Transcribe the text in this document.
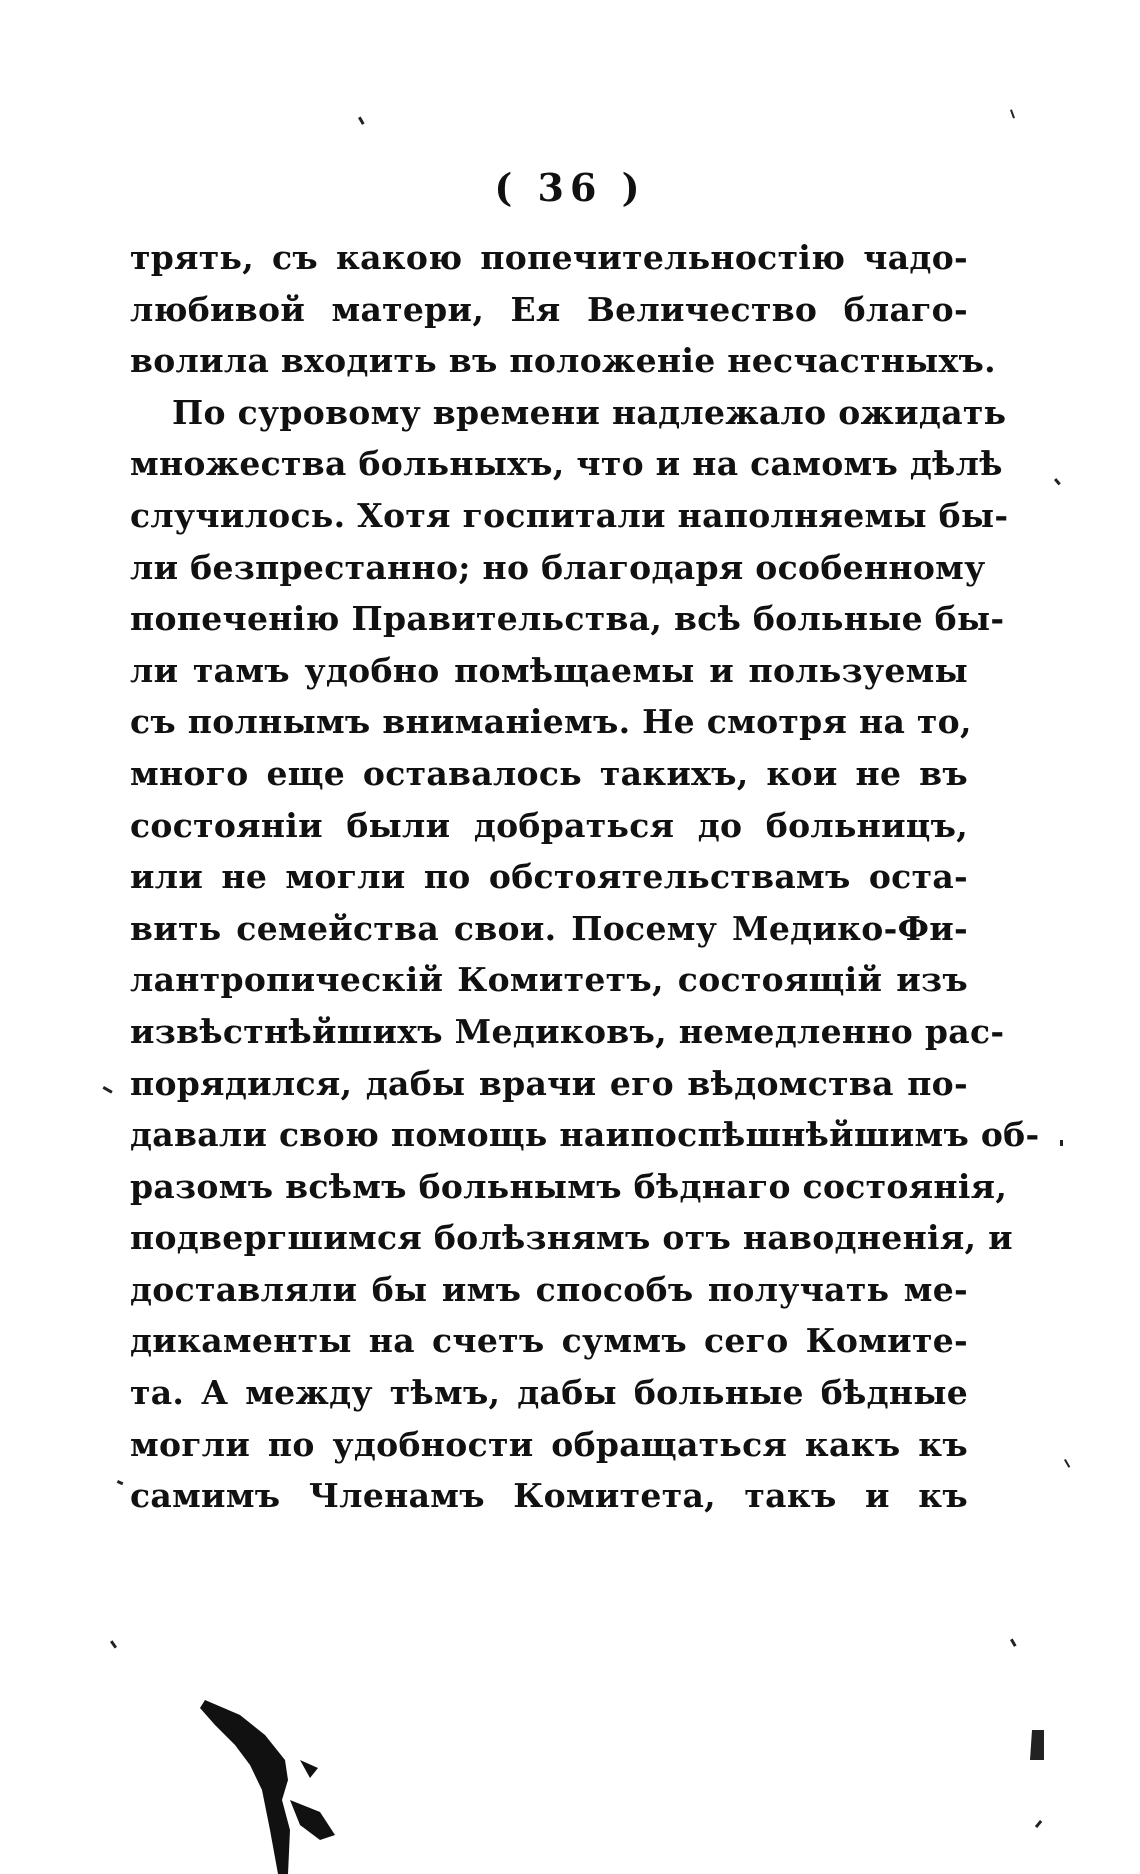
( 36 )
трять, съ какою попечительностію чадо-
любивой матери, Ея Величество благо-
волила входить въ положеніе несчастныхъ.
По суровому времени надлежало ожидать
множества больныхъ, что и на самомъ дѣлѣ
случилось. Хотя госпитали наполняемы бы-
ли безпрестанно; но благодаря особенному
попеченію Правительства, всѣ больные бы-
ли тамъ удобно помѣщаемы и пользуемы
съ полнымъ вниманіемъ. Не смотря на то,
много еще оставалось такихъ, кои не въ
состояніи были добраться до больницъ,
или не могли по обстоятельствамъ оста-
вить семейства свои. Посему Медико-Фи-
лантропическій Комитетъ, состоящій изъ
извѣстнѣйшихъ Медиковъ, немедленно рас-
порядился, дабы врачи его вѣдомства по-
давали свою помощь наипоспѣшнѣйшимъ об-
разомъ всѣмъ больнымъ бѣднаго состоянія,
подвергшимся болѣзнямъ отъ наводненія, и
доставляли бы имъ способъ получать ме-
дикаменты на счетъ суммъ сего Комите-
та. А между тѣмъ, дабы больные бѣдные
могли по удобности обращаться какъ къ
самимъ Членамъ Комитета, такъ и къ
